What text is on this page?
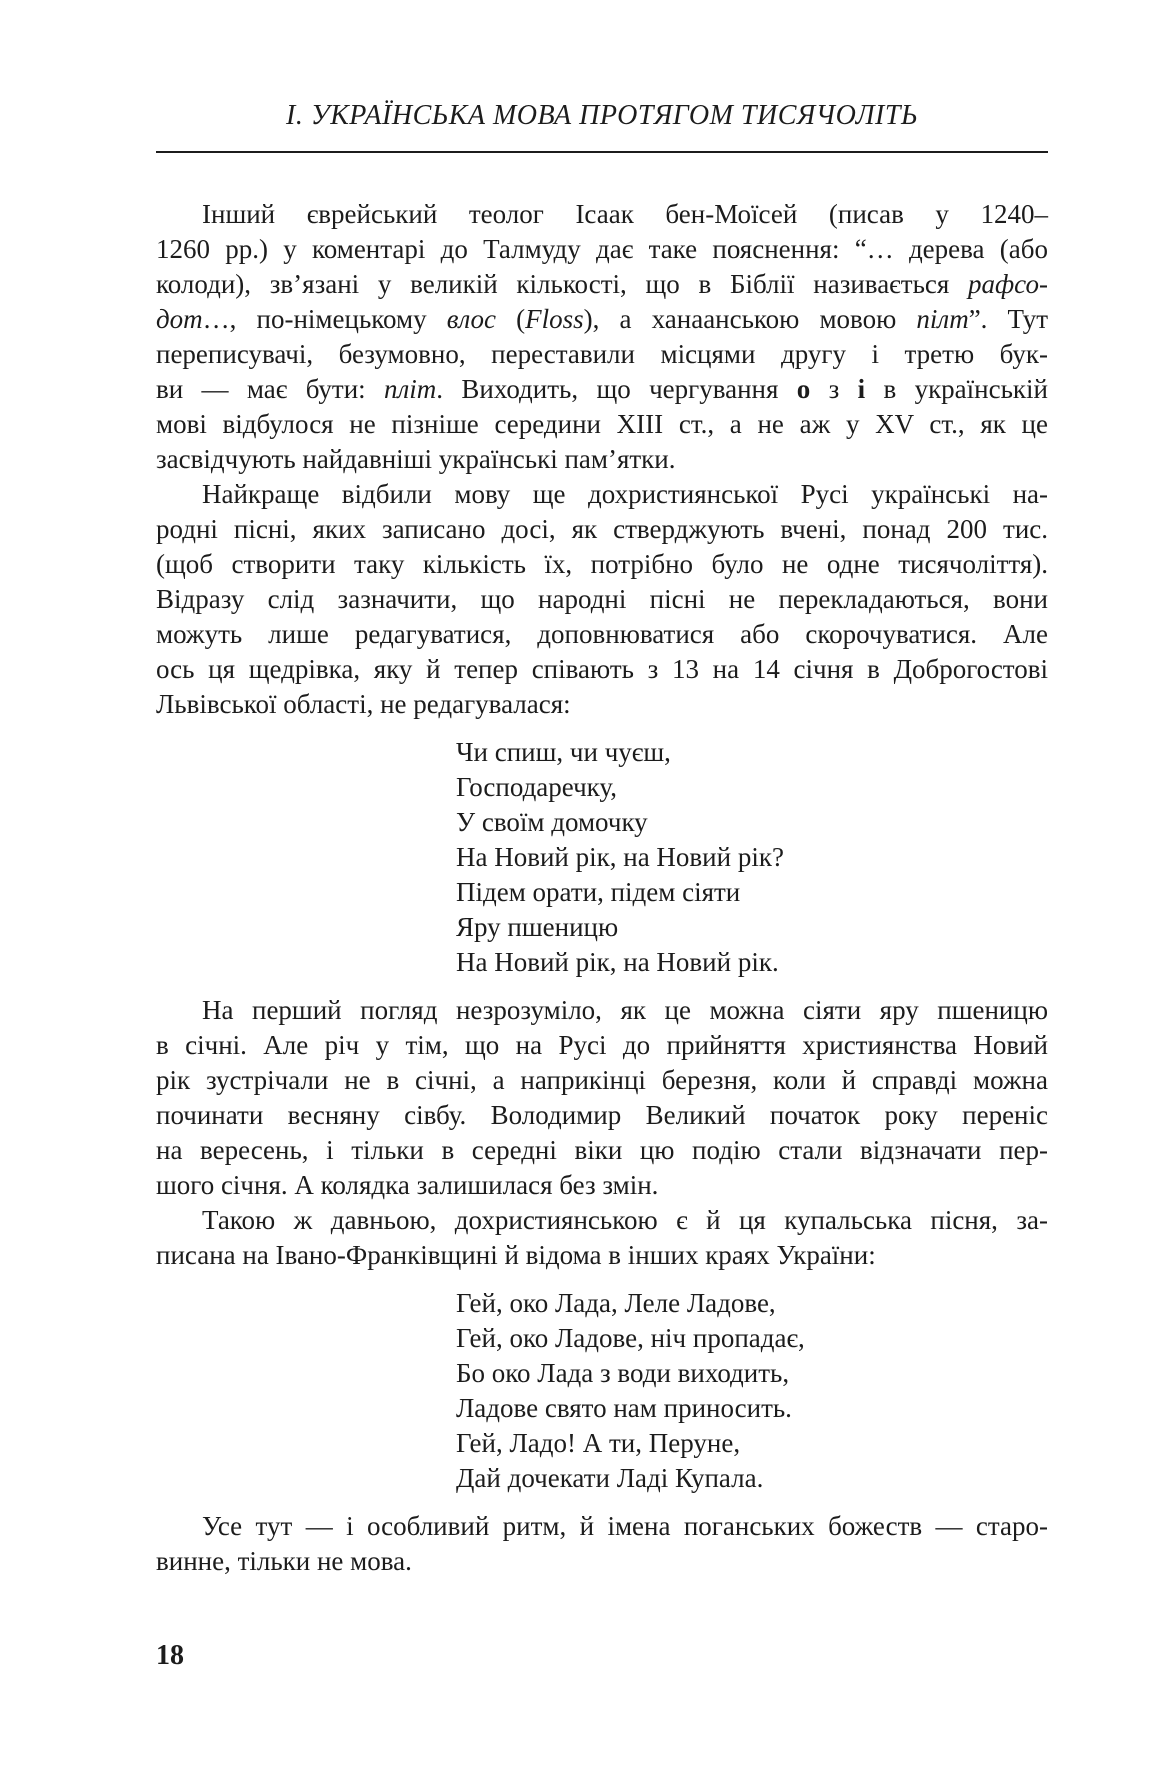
І. УКРАЇНСЬКА МОВА ПРОТЯГОМ ТИСЯЧОЛІТЬ
Інший єврейський теолог Ісаак бен-Моїсей (писав у 1240–
1260 рр.) у коментарі до Талмуду дає таке пояснення: “… дерева (або
колоди), зв’язані у великій кількості, що в Біблії називається рафсо-
дот…, по-німецькому влос (Floss), а ханаанською мовою пілт”. Тут
переписувачі, безумовно, переставили місцями другу і третю бук-
ви — має бути: пліт. Виходить, що чергування о з і в українській
мові відбулося не пізніше середини XIII ст., а не аж у XV ст., як це
засвідчують найдавніші українські пам’ятки.
Найкраще відбили мову ще дохристиянської Русі українські на-
родні пісні, яких записано досі, як стверджують вчені, понад 200 тис.
(щоб створити таку кількість їх, потрібно було не одне тисячоліття).
Відразу слід зазначити, що народні пісні не перекладаються, вони
можуть лише редагуватися, доповнюватися або скорочуватися. Але
ось ця щедрівка, яку й тепер співають з 13 на 14 січня в Доброгостові
Львівської області, не редагувалася:
Чи спиш, чи чуєш,
Господаречку,
У своїм домочку
На Новий рік, на Новий рік?
Підем орати, підем сіяти
Яру пшеницю
На Новий рік, на Новий рік.
На перший погляд незрозуміло, як це можна сіяти яру пшеницю
в січні. Але річ у тім, що на Русі до прийняття християнства Новий
рік зустрічали не в січні, а наприкінці березня, коли й справді можна
починати весняну сівбу. Володимир Великий початок року переніс
на вересень, і тільки в середні віки цю подію стали відзначати пер-
шого січня. А колядка залишилася без змін.
Такою ж давньою, дохристиянською є й ця купальська пісня, за-
писана на Івано-Франківщині й відома в інших краях України:
Гей, око Лада, Леле Ладове,
Гей, око Ладове, ніч пропадає,
Бо око Лада з води виходить,
Ладове свято нам приносить.
Гей, Ладо! А ти, Перуне,
Дай дочекати Ладі Купала.
Усе тут — і особливий ритм, й імена поганських божеств — старо-
винне, тільки не мова.
18
